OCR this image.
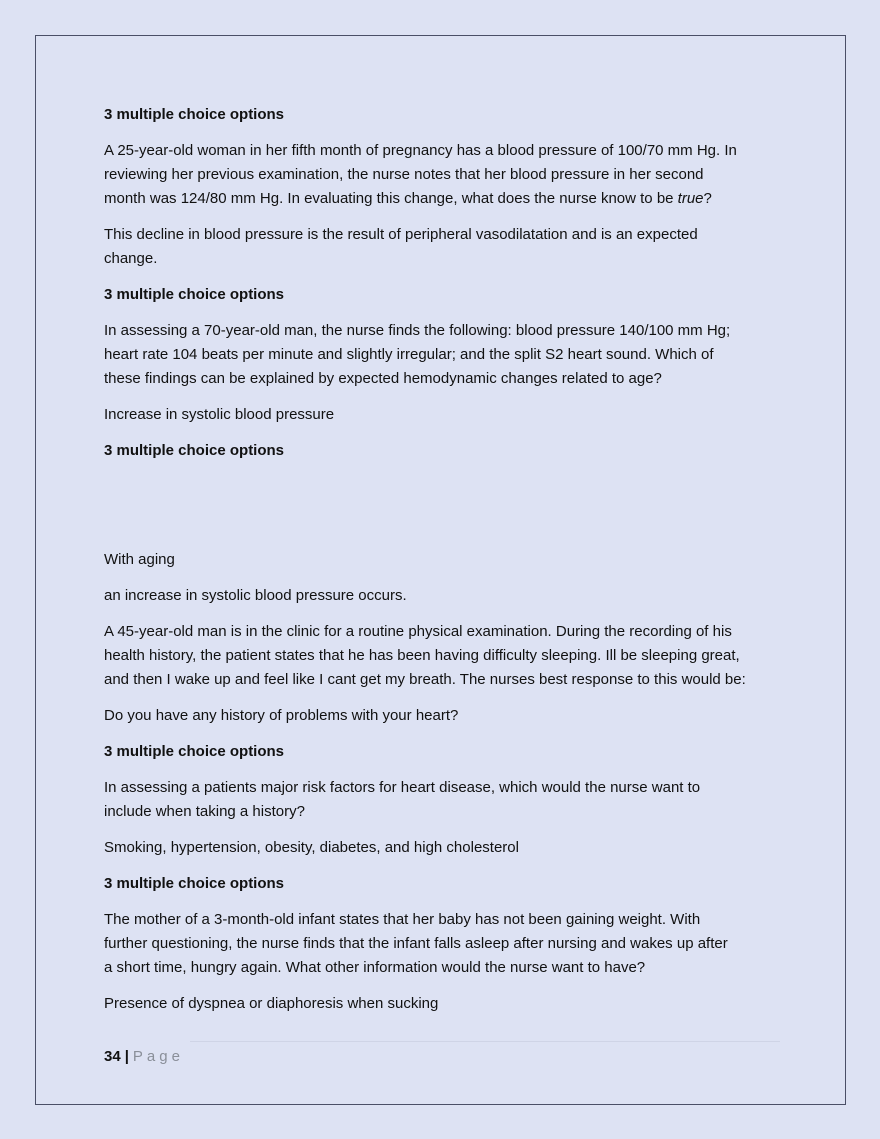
3 multiple choice options
A 25-year-old woman in her fifth month of pregnancy has a blood pressure of 100/70 mm Hg. In
reviewing her previous examination, the nurse notes that her blood pressure in her second
month was 124/80 mm Hg. In evaluating this change, what does the nurse know to be true?
This decline in blood pressure is the result of peripheral vasodilatation and is an expected
change.
3 multiple choice options
In assessing a 70-year-old man, the nurse finds the following: blood pressure 140/100 mm Hg;
heart rate 104 beats per minute and slightly irregular; and the split S2 heart sound. Which of
these findings can be explained by expected hemodynamic changes related to age?
Increase in systolic blood pressure
3 multiple choice options
With aging
an increase in systolic blood pressure occurs.
A 45-year-old man is in the clinic for a routine physical examination. During the recording of his
health history, the patient states that he has been having difficulty sleeping. Ill be sleeping great,
and then I wake up and feel like I cant get my breath. The nurses best response to this would be:
Do you have any history of problems with your heart?
3 multiple choice options
In assessing a patients major risk factors for heart disease, which would the nurse want to
include when taking a history?
Smoking, hypertension, obesity, diabetes, and high cholesterol
3 multiple choice options
The mother of a 3-month-old infant states that her baby has not been gaining weight. With
further questioning, the nurse finds that the infant falls asleep after nursing and wakes up after
a short time, hungry again. What other information would the nurse want to have?
Presence of dyspnea or diaphoresis when sucking
34 | Page
